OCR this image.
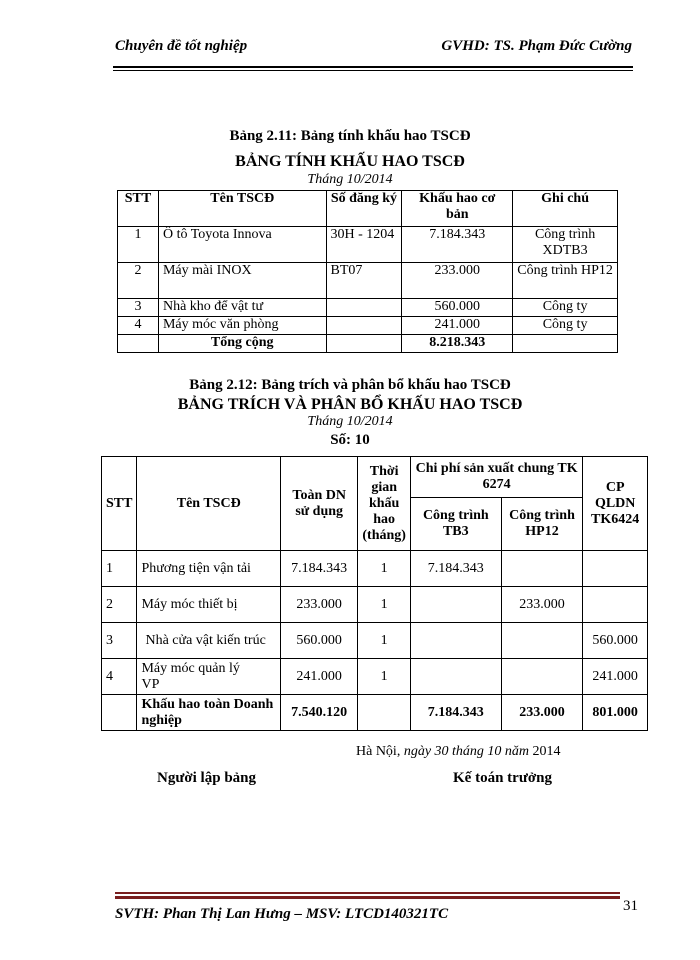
Chuyên đề tốt nghiệp	GVHD: TS. Phạm Đức Cường
Bảng 2.11: Bảng tính khấu hao TSCĐ
BẢNG TÍNH KHẤU HAO TSCĐ
Tháng 10/2014
STT	Tên TSCĐ	Số đăng ký	Khấu hao cơ bản	Ghi chú
1	Ô tô Toyota Innova	30H - 1204	7.184.343	Công trình XDTB3
2	Máy mài INOX	BT07	233.000	Công trình HP12
3	Nhà kho để vật tư		560.000	Công ty
4	Máy móc văn phòng		241.000	Công ty
	Tổng cộng		8.218.343	
Bảng 2.12: Bảng trích và phân bổ khấu hao TSCĐ
BẢNG TRÍCH VÀ PHÂN BỔ KHẤU HAO TSCĐ
Tháng 10/2014
Số: 10
STT	Tên TSCĐ	Toàn DN sử dụng	Thời gian khấu hao (tháng)	Chi phí sản xuất chung TK 6274		CP QLDN TK6424
				Công trình TB3	Công trình HP12	
1	Phương tiện vận tải	7.184.343	1	7.184.343		
2	Máy móc thiết bị	233.000	1		233.000	
3	Nhà cửa vật kiến trúc	560.000	1			560.000
4	Máy móc quản lý VP	241.000	1			241.000
	Khấu hao toàn Doanh nghiệp	7.540.120		7.184.343	233.000	801.000
Hà Nội, ngày 30 tháng 10 năm 2014
Người lập bảng	Kế toán trưởng
31
SVTH: Phan Thị Lan Hưng – MSV: LTCD140321TC
